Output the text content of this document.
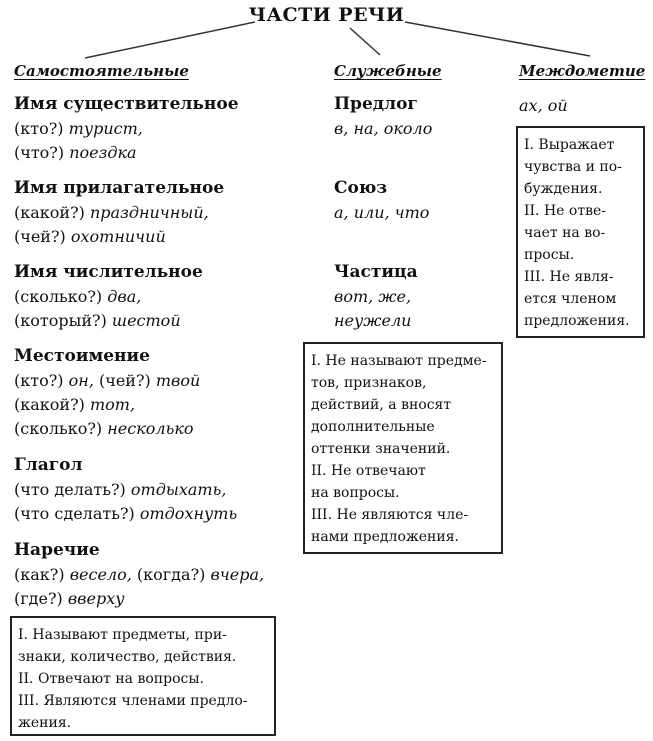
ЧАСТИ РЕЧИ
Самостоятельные	Служебные	Междометие
Имя существительное
(кто?) турист,
(что?) поездка
Имя прилагательное
(какой?) праздничный,
(чей?) охотничий
Имя числительное
(сколько?) два,
(который?) шестой
Местоимение
(кто?) он, (чей?) твой
(какой?) тот,
(сколько?) несколько
Глагол
(что делать?) отдыхать,
(что сделать?) отдохнуть
Наречие
(как?) весело, (когда?) вчера,
(где?) вверху
I. Называют предметы, при-
знаки, количество, действия.
II. Отвечают на вопросы.
III. Являются членами предло-
жения.
Предлог
в, на, около
Союз
а, или, что
Частица
вот, же,
неужели
I. Не называют предме-
тов, признаков,
действий, а вносят
дополнительные
оттенки значений.
II. Не отвечают
на вопросы.
III. Не являются чле-
нами предложения.
ах, ой
I. Выражает
чувства и по-
буждения.
II. Не отве-
чает на во-
просы.
III. Не явля-
ется членом
предложения.
